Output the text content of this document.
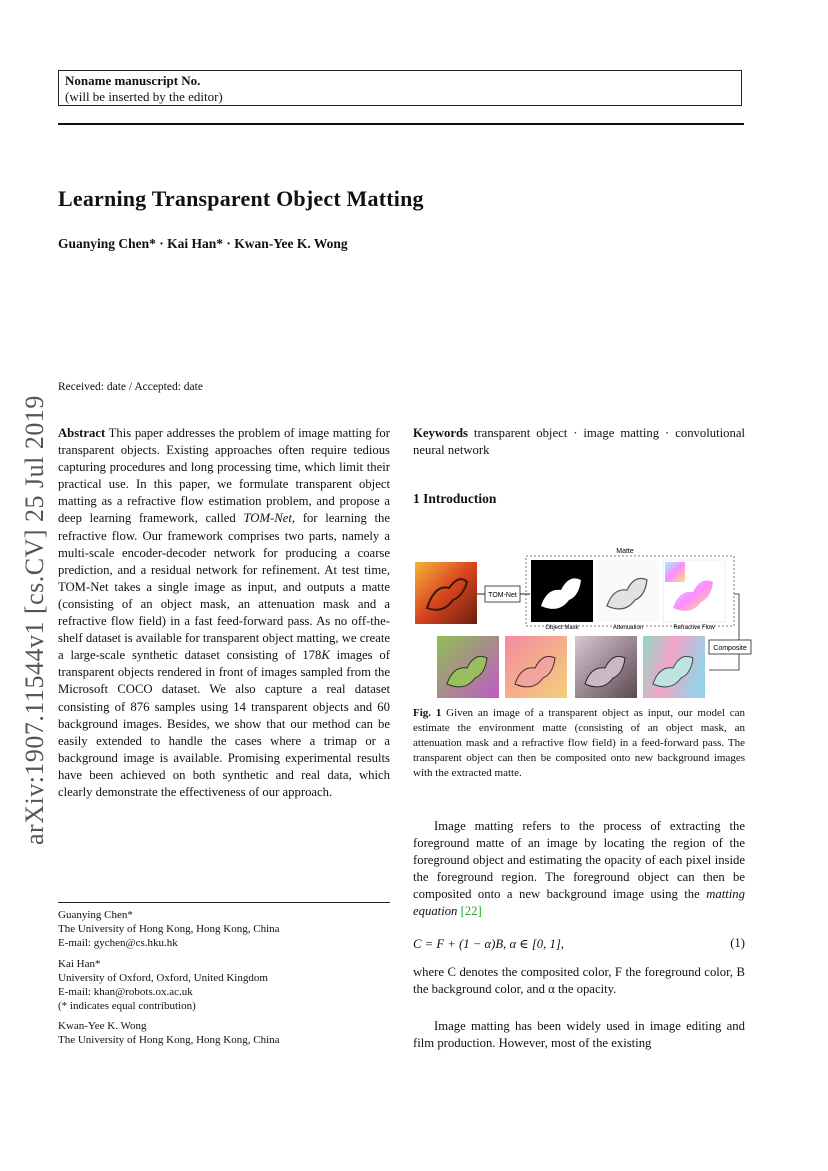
Noname manuscript No.
(will be inserted by the editor)
Learning Transparent Object Matting
Guanying Chen* · Kai Han* · Kwan-Yee K. Wong
arXiv:1907.11544v1 [cs.CV] 25 Jul 2019
Received: date / Accepted: date
Abstract This paper addresses the problem of image matting for transparent objects. Existing approaches often require tedious capturing procedures and long processing time, which limit their practical use. In this paper, we formulate transparent object matting as a refractive flow estimation problem, and propose a deep learning framework, called TOM-Net, for learning the refractive flow. Our framework comprises two parts, namely a multi-scale encoder-decoder network for producing a coarse prediction, and a residual network for refinement. At test time, TOM-Net takes a single image as input, and outputs a matte (consisting of an object mask, an attenuation mask and a refractive flow field) in a fast feed-forward pass. As no off-the-shelf dataset is available for transparent object matting, we create a large-scale synthetic dataset consisting of 178K images of transparent objects rendered in front of images sampled from the Microsoft COCO dataset. We also capture a real dataset consisting of 876 samples using 14 transparent objects and 60 background images. Besides, we show that our method can be easily extended to handle the cases where a trimap or a background image is available. Promising experimental results have been achieved on both synthetic and real data, which clearly demonstrate the effectiveness of our approach.
Guanying Chen*
The University of Hong Kong, Hong Kong, China
E-mail: gychen@cs.hku.hk
Kai Han*
University of Oxford, Oxford, United Kingdom
E-mail: khan@robots.ox.ac.uk
(* indicates equal contribution)
Kwan-Yee K. Wong
The University of Hong Kong, Hong Kong, China
Keywords transparent object · image matting · convolutional neural network
1 Introduction
Matte
TOM-Net
Object Mask	Attenuation	Refractive Flow
Composite
Fig. 1 Given an image of a transparent object as input, our model can estimate the environment matte (consisting of an object mask, an attenuation mask and a refractive flow field) in a feed-forward pass. The transparent object can then be composited onto new background images with the extracted matte.
Image matting refers to the process of extracting the foreground matte of an image by locating the region of the foreground object and estimating the opacity of each pixel inside the foreground region. The foreground object can then be composited onto a new background image using the matting equation [22]
C = F + (1 − α)B, α ∈ [0, 1],	(1)
where C denotes the composited color, F the foreground color, B the background color, and α the opacity.
Image matting has been widely used in image editing and film production. However, most of the existing
